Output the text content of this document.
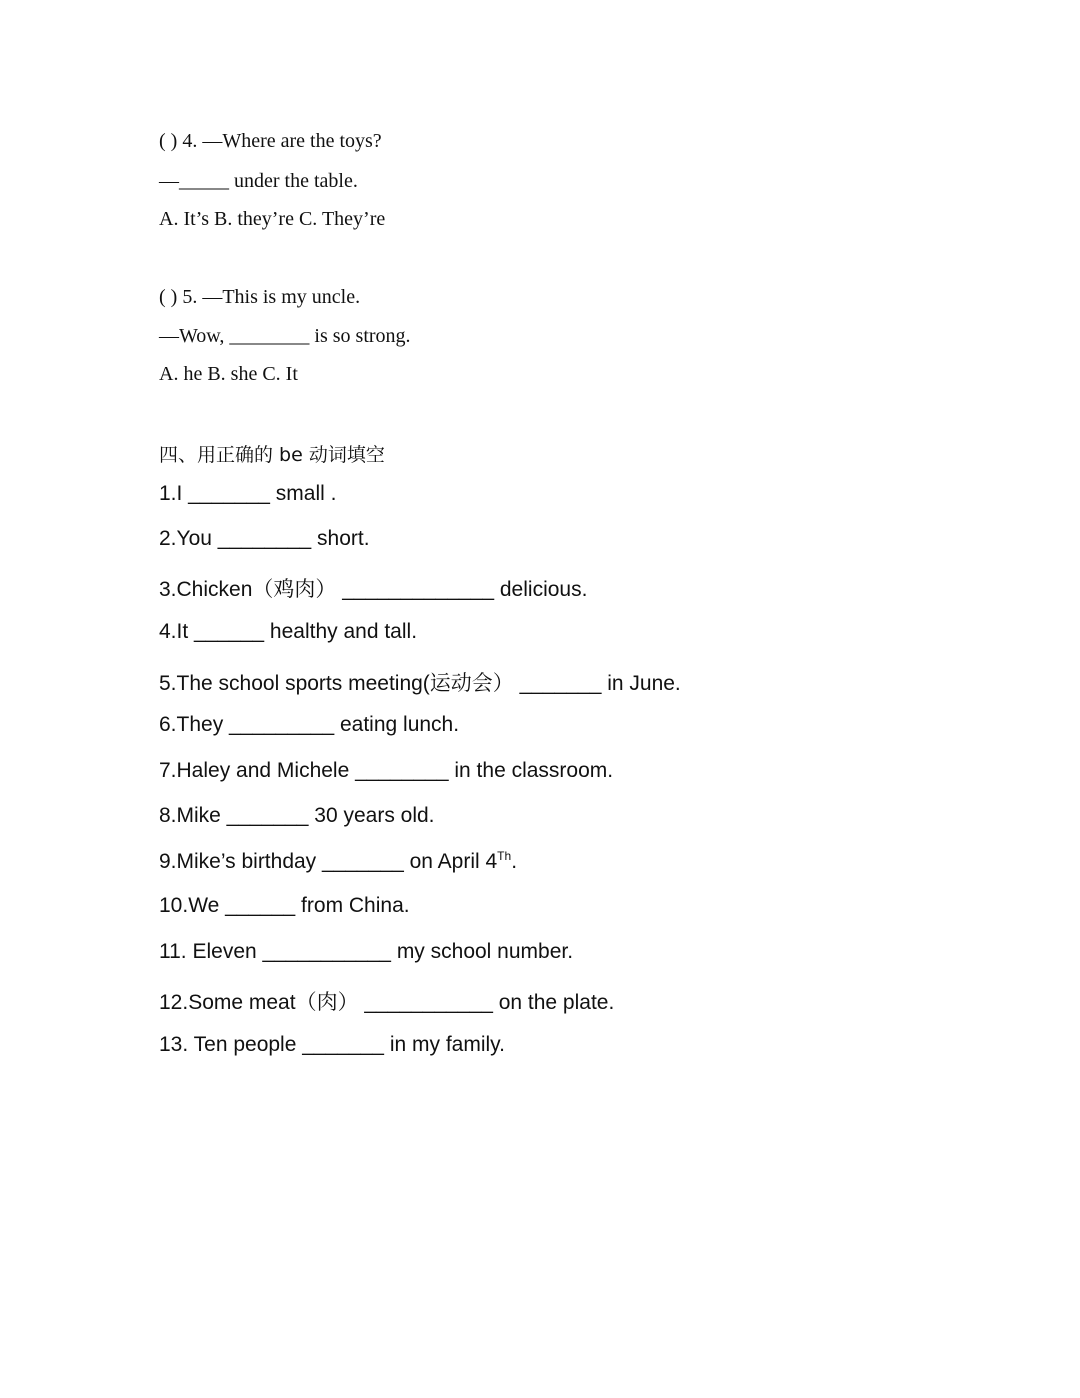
( ) 4. —Where are the toys?
—_____ under the table.
A. It’s B. they’re C. They’re
( ) 5. —This is my uncle.
—Wow, ________ is so strong.
A. he B. she C. It
四、用正确的 be 动词填空
1.I _______ small .
2.You ________ short.
3.Chicken（鸡肉） _____________ delicious.
4.It ______ healthy and tall.
5.The school sports meeting(运动会） _______ in June.
6.They _________ eating lunch.
7.Haley and Michele ________ in the classroom.
8.Mike _______ 30 years old.
9.Mike’s birthday _______ on April 4Th.
10.We ______ from China.
11. Eleven ___________ my school number.
12.Some meat（肉） ___________ on the plate.
13. Ten people _______ in my family.
